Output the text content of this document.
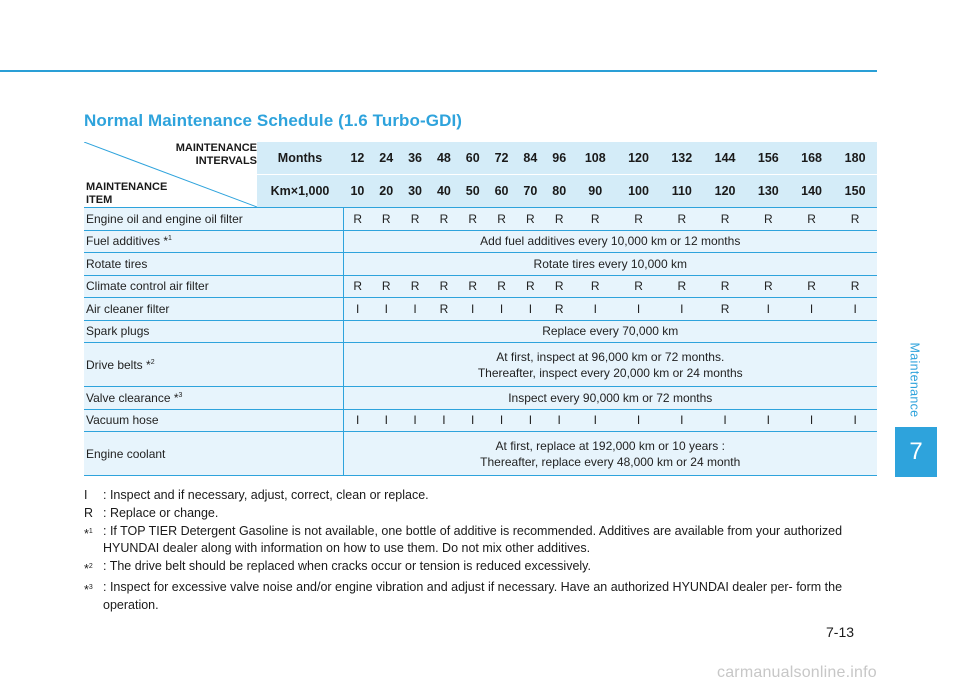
Normal Maintenance Schedule (1.6 Turbo-GDI)
Maintenance
7
MAINTENANCE
INTERVALS
MAINTENANCE
ITEM	Months	12	24	36	48	60	72	84	96	108	120	132	144	156	168	180
	Km×1,000	10	20	30	40	50	60	70	80	90	100	110	120	130	140	150
Engine oil and engine oil filter		R	R	R	R	R	R	R	R	R	R	R	R	R	R	R
Fuel additives *$^1$		Add fuel additives every 10,000 km or 12 months														

Rotate tires		Rotate tires every 10,000 km														

Climate control air filter		R	R	R	R	R	R	R	R	R	R	R	R	R	R	R
Air cleaner filter		I	I	I	R	I	I	I	R	I	I	I	R	I	I	I
Spark plugs		Replace every 70,000 km														

Drive belts *$^2$		At first, inspect at 96,000 km or 72 months.
Thereafter, inspect every 20,000 km or 24 months														

Valve clearance *$^3$		Inspect every 90,000 km or 72 months														

Vacuum hose		I	I	I	I	I	I	I	I	I	I	I	I	I	I	I
Engine coolant		At first, replace at 192,000 km or 10 years :
Thereafter, replace every 48,000 km or 24 month														
I	: Inspect and if necessary, adjust, correct, clean or replace.
R : Replace or change.
*$^1$ : If TOP TIER Detergent Gasoline is not available, one bottle of additive is recommended. Additives are available from your authorized HYUNDAI dealer along with information on how to use them. Do not mix other additives.
*$^2$ : The drive belt should be replaced when cracks occur or tension is reduced excessively.
*$^3$ : Inspect for excessive valve noise and/or engine vibration and adjust if necessary. Have an authorized HYUNDAI dealer per- form the operation.
7-13
carmanualsonline.info
